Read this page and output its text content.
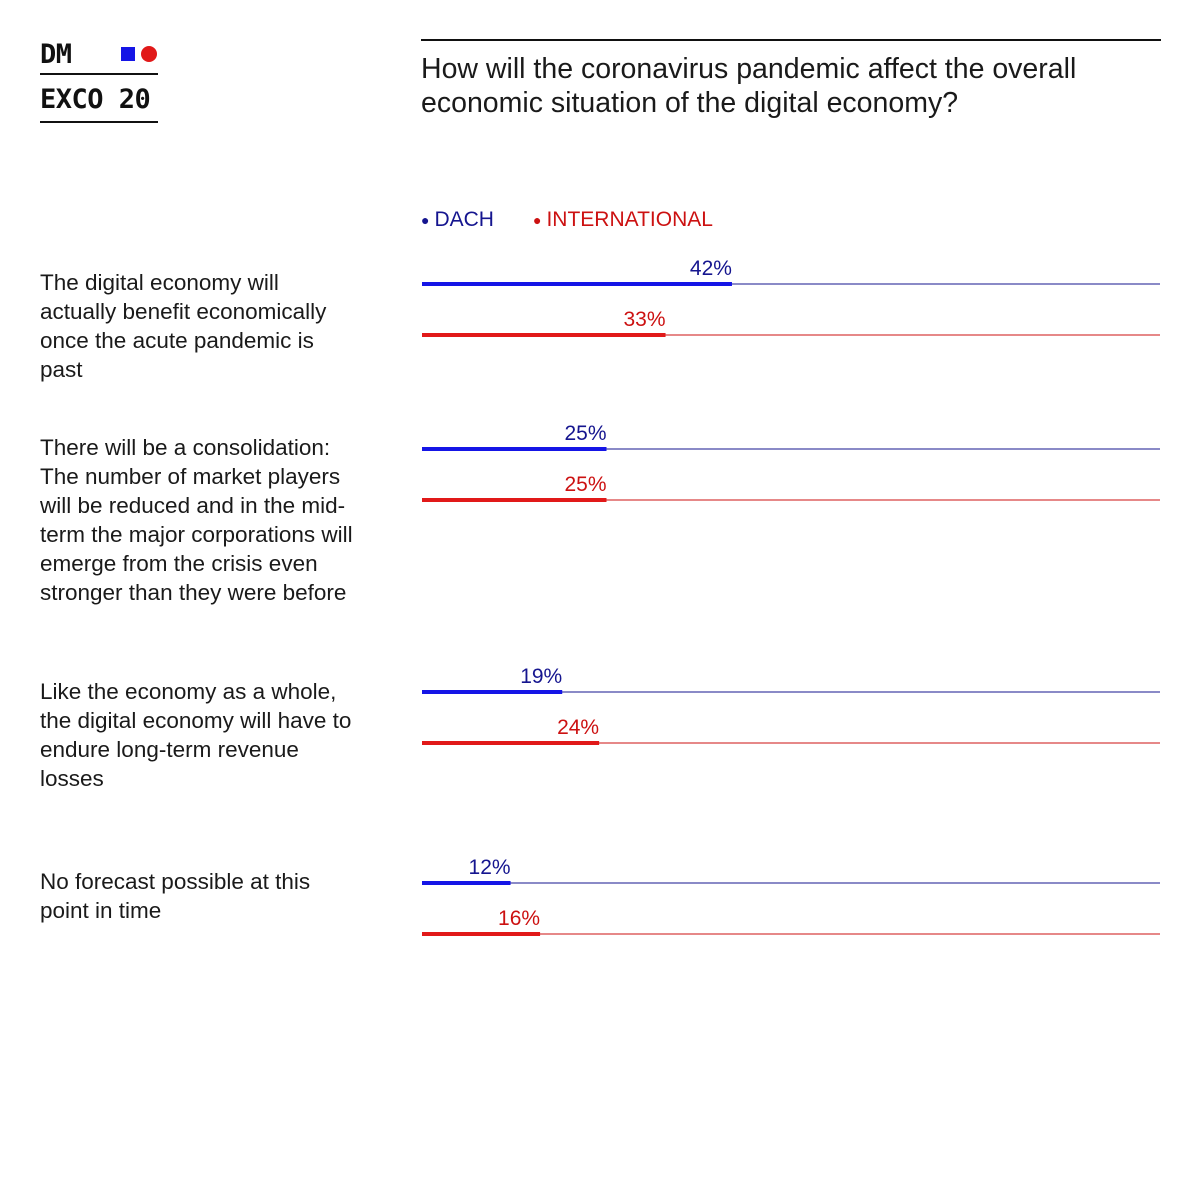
DM
EXCO 20
How will the coronavirus pandemic affect the overall economic situation of the digital economy?
● DACH	● INTERNATIONAL
The digital economy will actually benefit economically once the acute pandemic is past
There will be a consolidation: The number of market players will be reduced and in the mid-term the major corporations will emerge from the crisis even stronger than they were before
Like the economy as a whole, the digital economy will have to endure long-term revenue losses
No forecast possible at this point in time
42%
33%
25%
25%
19%
24%
12%
16%
